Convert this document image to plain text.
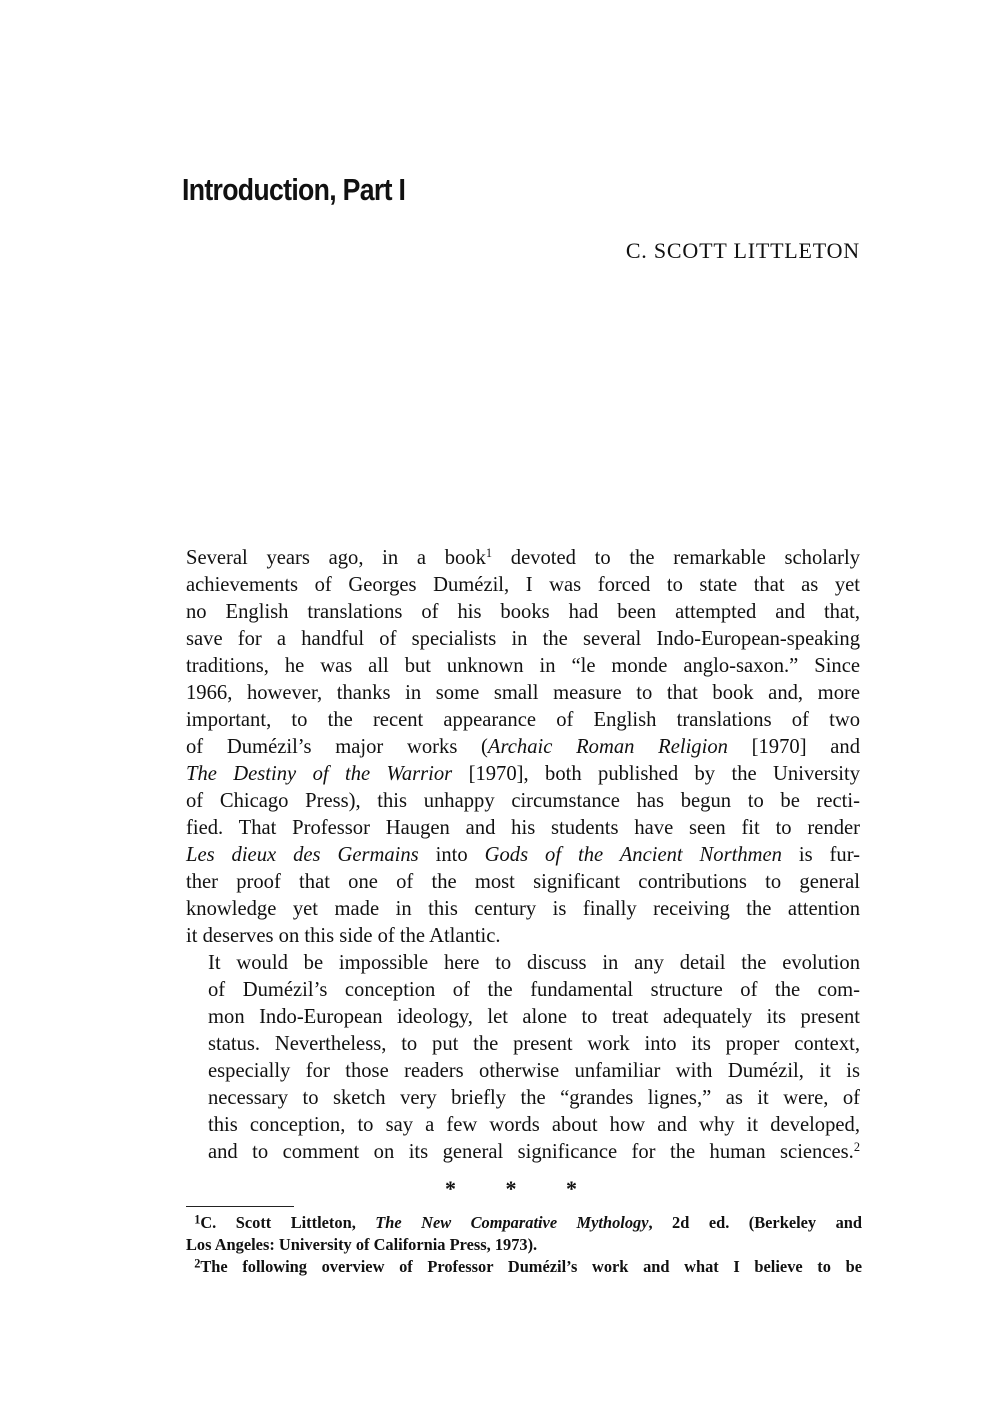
Introduction, Part I
C. SCOTT LITTLETON

Several years ago, in a book$^1$ devoted to the remarkable scholarly
achievements of Georges Dumézil, I was forced to state that as yet
no English translations of his books had been attempted and that,
save for a handful of specialists in the several Indo-European-speaking
traditions, he was all but unknown in “le monde anglo-saxon.” Since
1966, however, thanks in some small measure to that book and, more
important, to the recent appearance of English translations of two
of Dumézil’s major works (Archaic Roman Religion [1970] and
The Destiny of the Warrior [1970], both published by the University
of Chicago Press), this unhappy circumstance has begun to be recti-
fied. That Professor Haugen and his students have seen fit to render
Les dieux des Germains into Gods of the Ancient Northmen is fur-
ther proof that one of the most significant contributions to general
knowledge yet made in this century is finally receiving the attention
it deserves on this side of the Atlantic.

It would be impossible here to discuss in any detail the evolution
of Dumézil’s conception of the fundamental structure of the com-
mon Indo-European ideology, let alone to treat adequately its present
status. Nevertheless, to put the present work into its proper context,
especially for those readers otherwise unfamiliar with Dumézil, it is
necessary to sketch very briefly the “grandes lignes,” as it were, of
this conception, to say a few words about how and why it developed,
and to comment on its general significance for the human sciences.$^2$

* * *
 $^1$C. Scott Littleton, The New Comparative Mythology, 2d ed. (Berkeley and
Los Angeles: University of California Press, 1973).
 $^2$The following overview of Professor Dumézil’s work and what I believe to be
